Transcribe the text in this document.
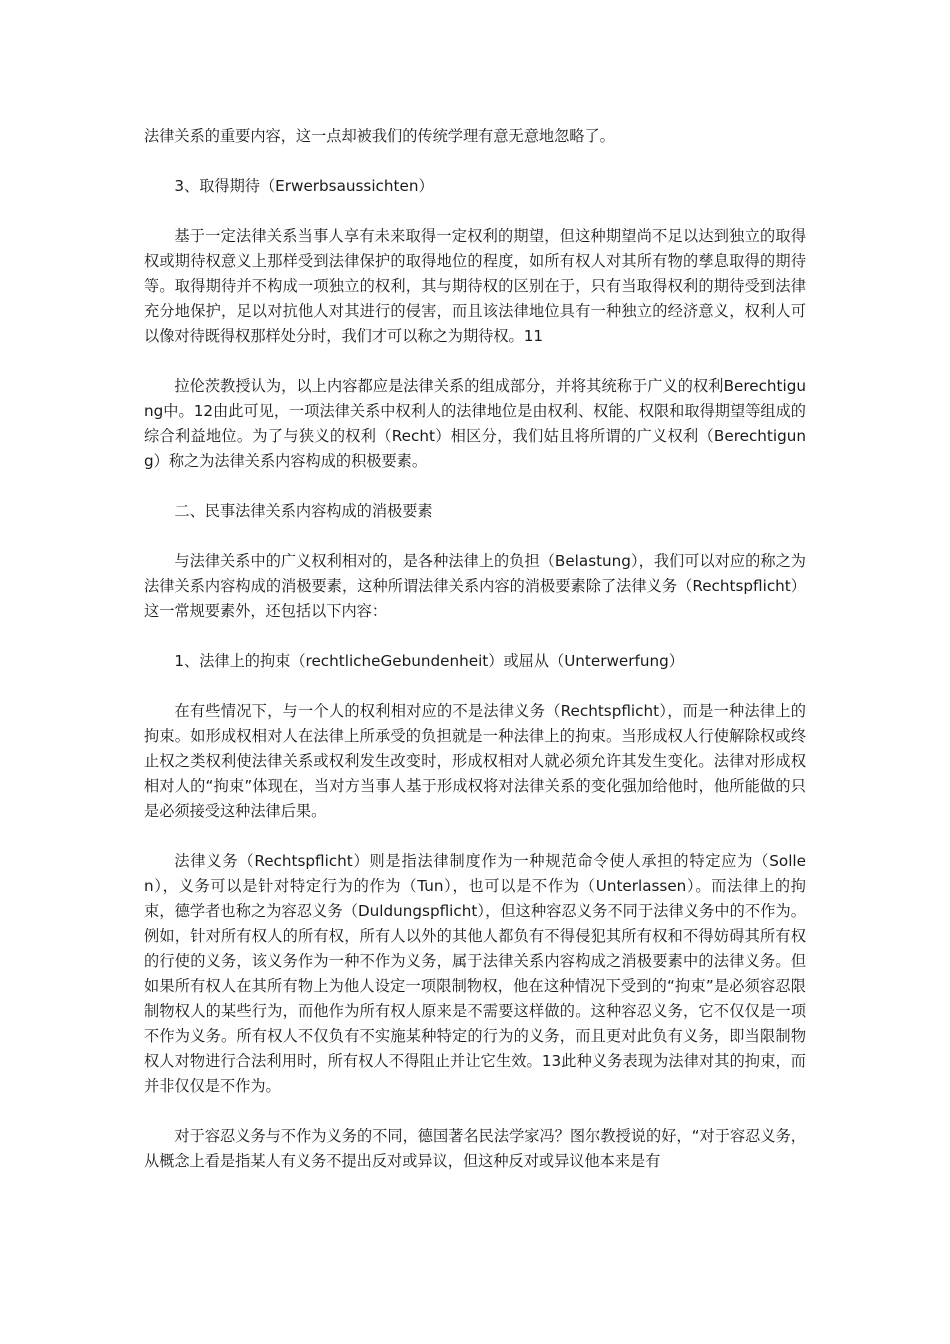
法律关系的重要内容，这一点却被我们的传统学理有意无意地忽略了。

3、取得期待（Erwerbsaussichten）

基于一定法律关系当事人享有未来取得一定权利的期望，但这种期望尚不足以达到独立的取得权或期待权意义上那样受到法律保护的取得地位的程度，如所有权人对其所有物的孳息取得的期待等。取得期待并不构成一项独立的权利，其与期待权的区别在于，只有当取得权利的期待受到法律充分地保护，足以对抗他人对其进行的侵害，而且该法律地位具有一种独立的经济意义，权利人可以像对待既得权那样处分时，我们才可以称之为期待权。11

拉伦茨教授认为，以上内容都应是法律关系的组成部分，并将其统称于广义的权利Berechtigung中。12由此可见，一项法律关系中权利人的法律地位是由权利、权能、权限和取得期望等组成的综合利益地位。为了与狭义的权利（Recht）相区分，我们姑且将所谓的广义权利（Berechtigung）称之为法律关系内容构成的积极要素。

二、民事法律关系内容构成的消极要素

与法律关系中的广义权利相对的，是各种法律上的负担（Belastung），我们可以对应的称之为法律关系内容构成的消极要素，这种所谓法律关系内容的消极要素除了法律义务（Rechtspflicht）这一常规要素外，还包括以下内容：

1、法律上的拘束（rechtlicheGebundenheit）或屈从（Unterwerfung）

在有些情况下，与一个人的权利相对应的不是法律义务（Rechtspflicht），而是一种法律上的拘束。如形成权相对人在法律上所承受的负担就是一种法律上的拘束。当形成权人行使解除权或终止权之类权利使法律关系或权利发生改变时，形成权相对人就必须允许其发生变化。法律对形成权相对人的“拘束”体现在，当对方当事人基于形成权将对法律关系的变化强加给他时，他所能做的只是必须接受这种法律后果。

法律义务（Rechtspflicht）则是指法律制度作为一种规范命令使人承担的特定应为（Sollen），义务可以是针对特定行为的作为（Tun），也可以是不作为（Unterlassen）。而法律上的拘束，德学者也称之为容忍义务（Duldungspflicht），但这种容忍义务不同于法律义务中的不作为。例如，针对所有权人的所有权，所有人以外的其他人都负有不得侵犯其所有权和不得妨碍其所有权的行使的义务，该义务作为一种不作为义务，属于法律关系内容构成之消极要素中的法律义务。但如果所有权人在其所有物上为他人设定一项限制物权，他在这种情况下受到的“拘束”是必须容忍限制物权人的某些行为，而他作为所有权人原来是不需要这样做的。这种容忍义务，它不仅仅是一项不作为义务。所有权人不仅负有不实施某种特定的行为的义务，而且更对此负有义务，即当限制物权人对物进行合法利用时，所有权人不得阻止并让它生效。13此种义务表现为法律对其的拘束，而并非仅仅是不作为。

对于容忍义务与不作为义务的不同，德国著名民法学家冯？图尔教授说的好，“对于容忍义务，从概念上看是指某人有义务不提出反对或异议，但这种反对或异议他本来是有
